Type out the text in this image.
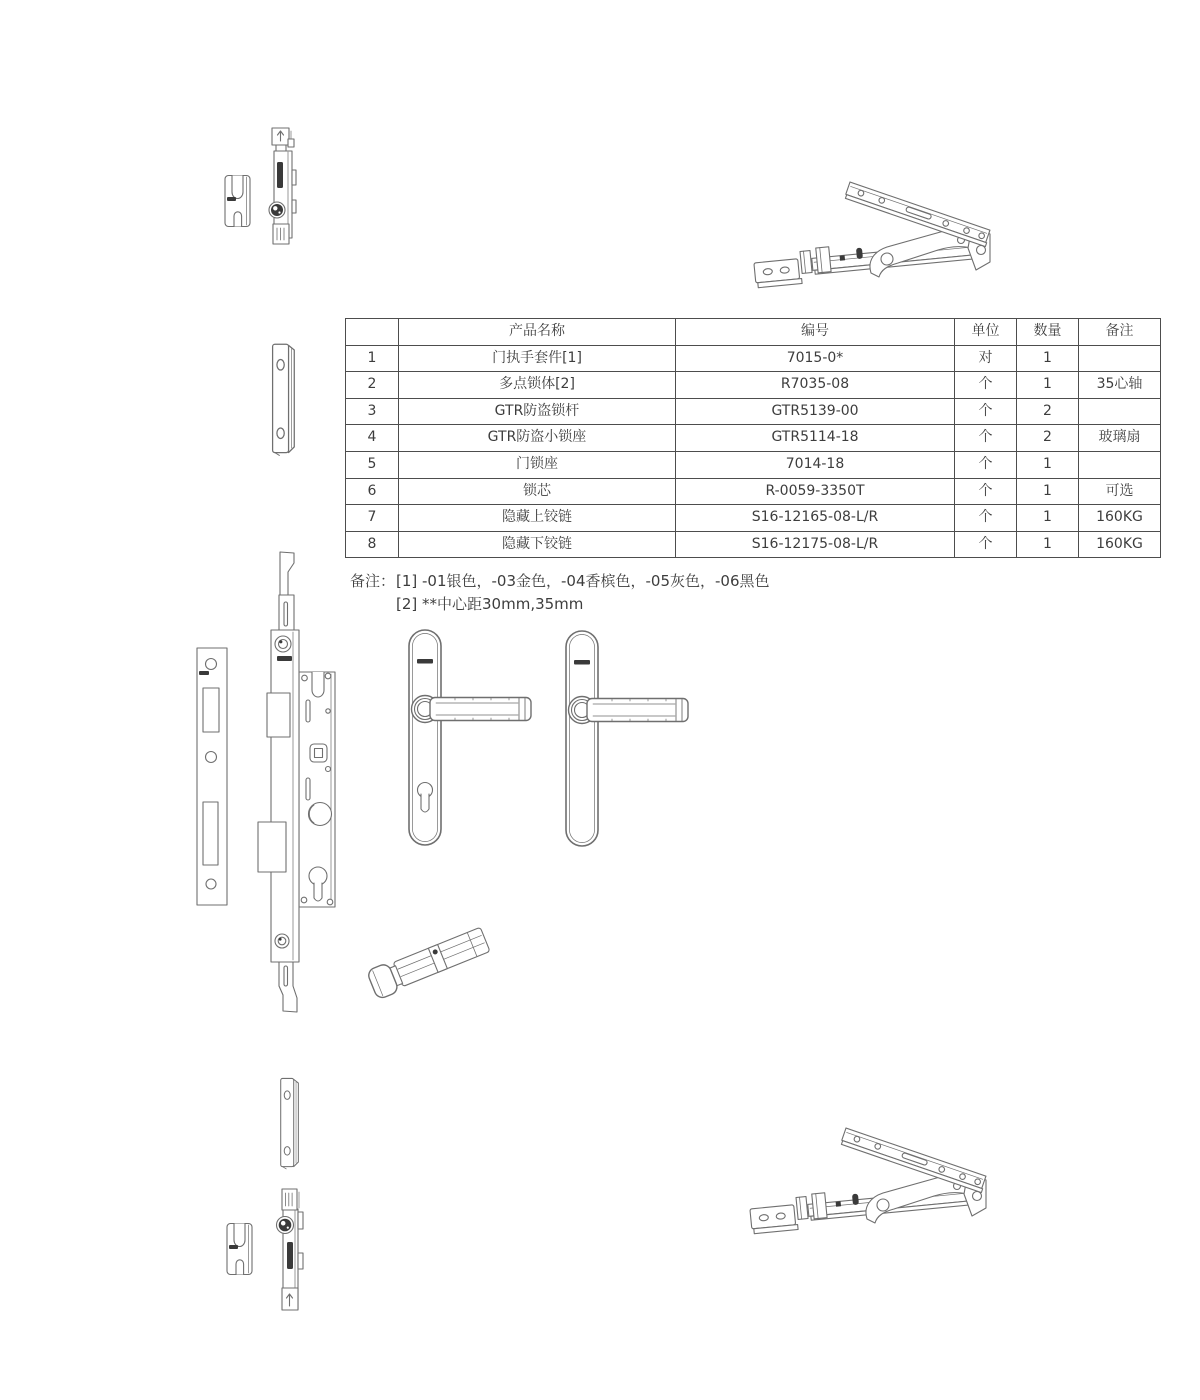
	产品名称	编号	单位	数量	备注
1	门执手套件[1]	7015-0*	对	1	
2	多点锁体[2]	R7035-08	个	1	35心轴
3	GTR防盗锁杆	GTR5139-00	个	2	
4	GTR防盗小锁座	GTR5114-18	个	2	玻璃扇
5	门锁座	7014-18	个	1	
6	锁芯	R-0059-3350T	个	1	可选
7	隐藏上铰链	S16-12165-08-L/R	个	1	160KG
8	隐藏下铰链	S16-12175-08-L/R	个	1	160KG
备注： [1] -01银色，-03金色，-04香槟色，-05灰色，-06黑色
[2] **中心距30mm,35mm
